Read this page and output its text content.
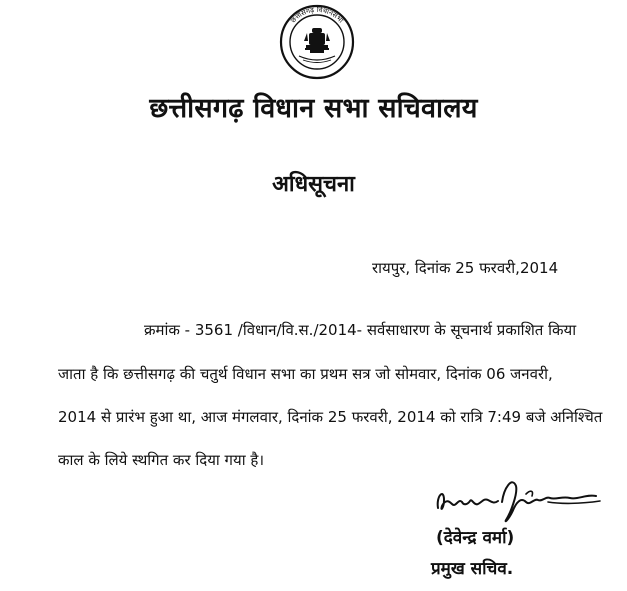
छत्तीसगढ़ विधानसभा
छत्तीसगढ़ विधान सभा सचिवालय
अधिसूचना
रायपुर, दिनांक 25 फरवरी,2014
क्रमांक - 3561 /विधान/वि.स./2014- सर्वसाधारण के सूचनार्थ प्रकाशित किया
जाता है कि छत्तीसगढ़ की चतुर्थ विधान सभा का प्रथम सत्र जो सोमवार, दिनांक 06 जनवरी,
2014 से प्रारंभ हुआ था, आज मंगलवार, दिनांक 25 फरवरी, 2014 को रात्रि 7:49 बजे अनिश्चित
काल के लिये स्थगित कर दिया गया है।
(देवेन्द्र वर्मा)
प्रमुख सचिव.
